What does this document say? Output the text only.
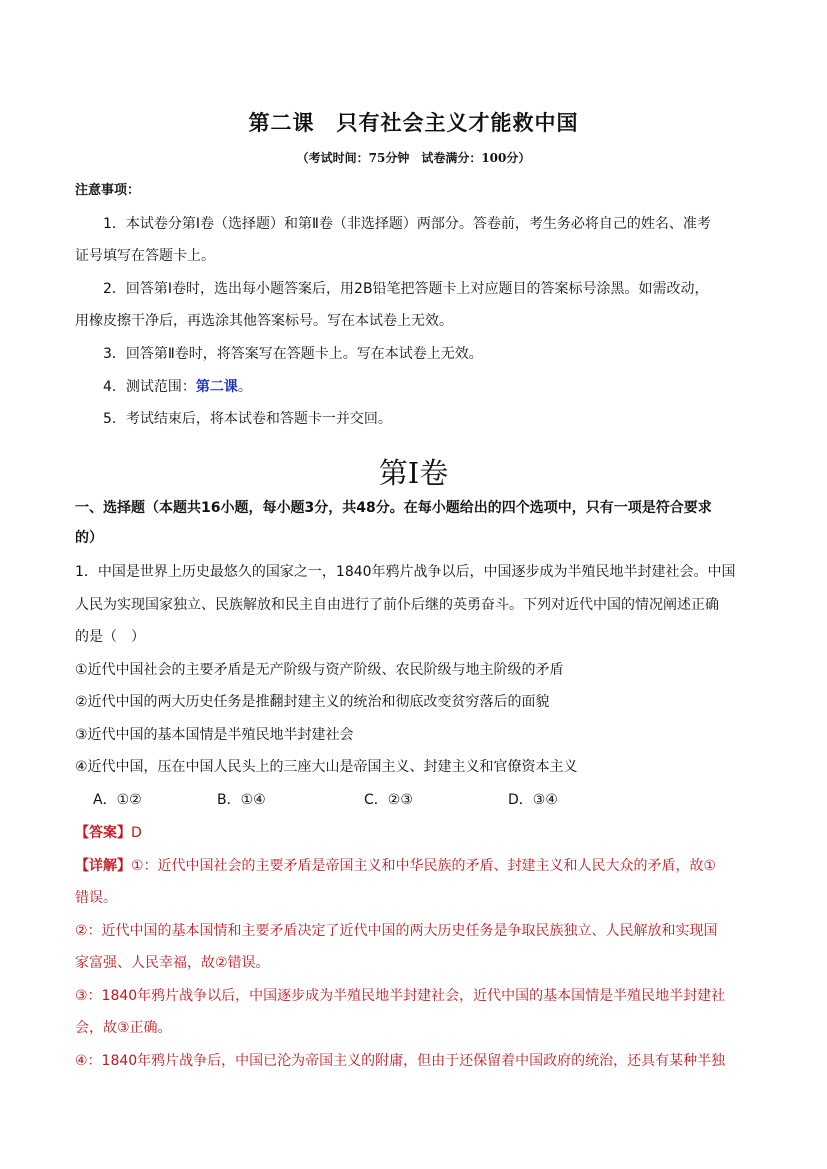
第二课　只有社会主义才能救中国
（考试时间：75分钟　试卷满分：100分）
注意事项：
1．本试卷分第Ⅰ卷（选择题）和第Ⅱ卷（非选择题）两部分。答卷前，考生务必将自己的姓名、准考
证号填写在答题卡上。
2．回答第Ⅰ卷时，选出每小题答案后，用2B铅笔把答题卡上对应题目的答案标号涂黑。如需改动，
用橡皮擦干净后，再选涂其他答案标号。写在本试卷上无效。
3．回答第Ⅱ卷时，将答案写在答题卡上。写在本试卷上无效。
4．测试范围：第二课。
5．考试结束后，将本试卷和答题卡一并交回。
第Ⅰ卷
一、选择题（本题共16小题，每小题3分，共48分。在每小题给出的四个选项中，只有一项是符合要求
的）
1．中国是世界上历史最悠久的国家之一，1840年鸦片战争以后，中国逐步成为半殖民地半封建社会。中国
人民为实现国家独立、民族解放和民主自由进行了前仆后继的英勇奋斗。下列对近代中国的情况阐述正确
的是（　）
①近代中国社会的主要矛盾是无产阶级与资产阶级、农民阶级与地主阶级的矛盾
②近代中国的两大历史任务是推翻封建主义的统治和彻底改变贫穷落后的面貌
③近代中国的基本国情是半殖民地半封建社会
④近代中国，压在中国人民头上的三座大山是帝国主义、封建主义和官僚资本主义
A．①②	B．①④	C．②③	D．③④
【答案】D
【详解】①：近代中国社会的主要矛盾是帝国主义和中华民族的矛盾、封建主义和人民大众的矛盾，故①
错误。
②：近代中国的基本国情和主要矛盾决定了近代中国的两大历史任务是争取民族独立、人民解放和实现国
家富强、人民幸福，故②错误。
③：1840年鸦片战争以后，中国逐步成为半殖民地半封建社会，近代中国的基本国情是半殖民地半封建社
会，故③正确。
④：1840年鸦片战争后，中国已沦为帝国主义的附庸，但由于还保留着中国政府的统治，还具有某种半独
